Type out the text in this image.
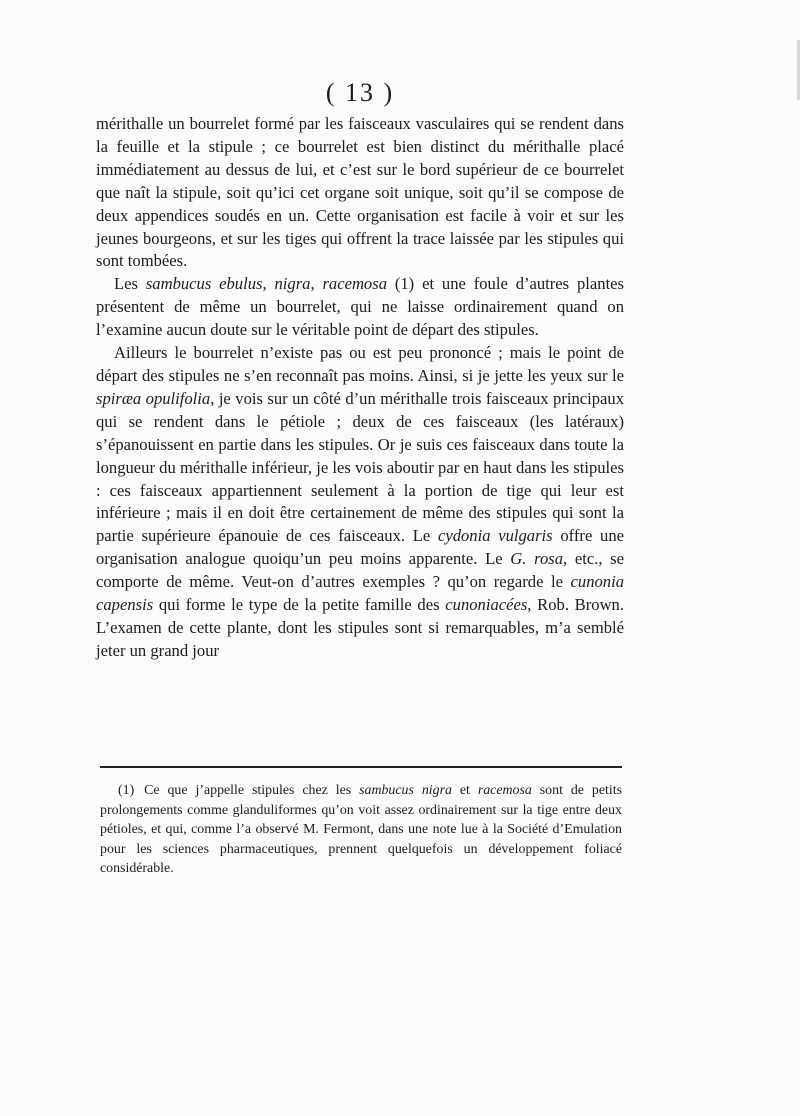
( 13 )

mérithalle un bourrelet formé par les faisceaux vasculaires qui se rendent dans la feuille et la stipule ; ce bourrelet est bien distinct du mérithalle placé immédiatement au dessus de lui, et c’est sur le bord supérieur de ce bourrelet que naît la stipule, soit qu’ici cet organe soit unique, soit qu’il se compose de deux appendices soudés en un. Cette organisation est facile à voir et sur les jeunes bourgeons, et sur les tiges qui offrent la trace laissée par les stipules qui sont tombées.

Les sambucus ebulus, nigra, racemosa (1) et une foule d’autres plantes présentent de même un bourrelet, qui ne laisse ordinairement quand on l’examine aucun doute sur le véritable point de départ des stipules.

Ailleurs le bourrelet n’existe pas ou est peu prononcé ; mais le point de départ des stipules ne s’en reconnaît pas moins. Ainsi, si je jette les yeux sur le spiræa opulifolia, je vois sur un côté d’un mérithalle trois faisceaux principaux qui se rendent dans le pétiole ; deux de ces faisceaux (les latéraux) s’épanouissent en partie dans les stipules. Or je suis ces faisceaux dans toute la longueur du mérithalle inférieur, je les vois aboutir par en haut dans les stipules : ces faisceaux appartiennent seulement à la portion de tige qui leur est inférieure ; mais il en doit être certainement de même des stipules qui sont la partie supérieure épanouie de ces faisceaux. Le cydonia vulgaris offre une organisation analogue quoiqu’un peu moins apparente. Le G. rosa, etc., se comporte de même. Veut-on d’autres exemples ? qu’on regarde le cunonia capensis qui forme le type de la petite famille des cunoniacées, Rob. Brown. L’examen de cette plante, dont les stipules sont si remarquables, m’a semblé jeter un grand jour

(1) Ce que j’appelle stipules chez les sambucus nigra et racemosa sont de petits prolongements comme glanduliformes qu’on voit assez ordinairement sur la tige entre deux pétioles, et qui, comme l’a observé M. Fermont, dans une note lue à la Société d’Emulation pour les sciences pharmaceutiques, prennent quelquefois un développement foliacé considérable.
